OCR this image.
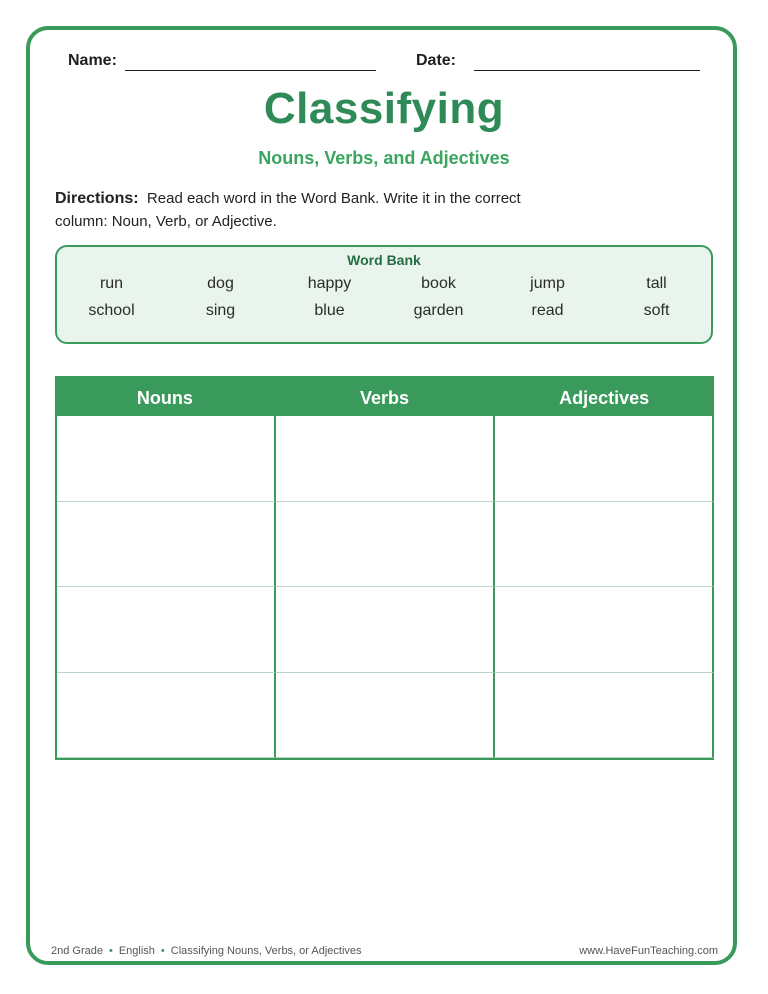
Name:	Date:
Classifying
Nouns, Verbs, and Adjectives
Directions: Read each word in the Word Bank. Write it in the correct column: Noun, Verb, or Adjective.
Word Bank
run	dog	happy	book	jump	tall
school	sing	blue	garden	read	soft
Nouns	Verbs	Adjectives
2nd Grade • English • Classifying Nouns, Verbs, or Adjectives	www.HaveFunTeaching.com
